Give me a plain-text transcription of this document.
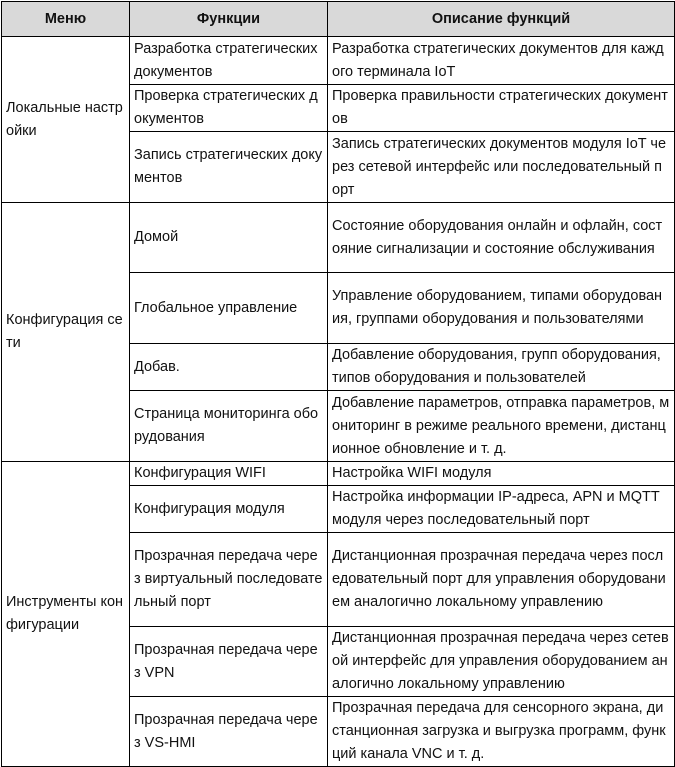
Меню	Функции	Описание функций
Локальные настройки	Разработка стратегических документов	Разработка стратегических документов для каждого терминала IoT
	Проверка стратегических документов	Проверка правильности стратегических документов
	Запись стратегических документов	Запись стратегических документов модуля IoT через сетевой интерфейс или последовательный порт
Конфигурация сети	Домой	Состояние оборудования онлайн и офлайн, состояние сигнализации и состояние обслуживания
	Глобальное управление	Управление оборудованием, типами оборудования, группами оборудования и пользователями
	Добав.	Добавление оборудования, групп оборудования, типов оборудования и пользователей
	Страница мониторинга оборудования	Добавление параметров, отправка параметров, мониторинг в режиме реального времени, дистанционное обновление и т. д.
Инструменты конфигурации	Конфигурация WIFI	Настройка WIFI модуля
	Конфигурация модуля	Настройка информации IP-адреса, APN и MQTT модуля через последовательный порт
	Прозрачная передача через виртуальный последовательный порт	Дистанционная прозрачная передача через последовательный порт для управления оборудованием аналогично локальному управлению
	Прозрачная передача через VPN	Дистанционная прозрачная передача через сетевой интерфейс для управления оборудованием аналогично локальному управлению
	Прозрачная передача через VS-HMI	Прозрачная передача для сенсорного экрана, дистанционная загрузка и выгрузка программ, функций канала VNC и т. д.
